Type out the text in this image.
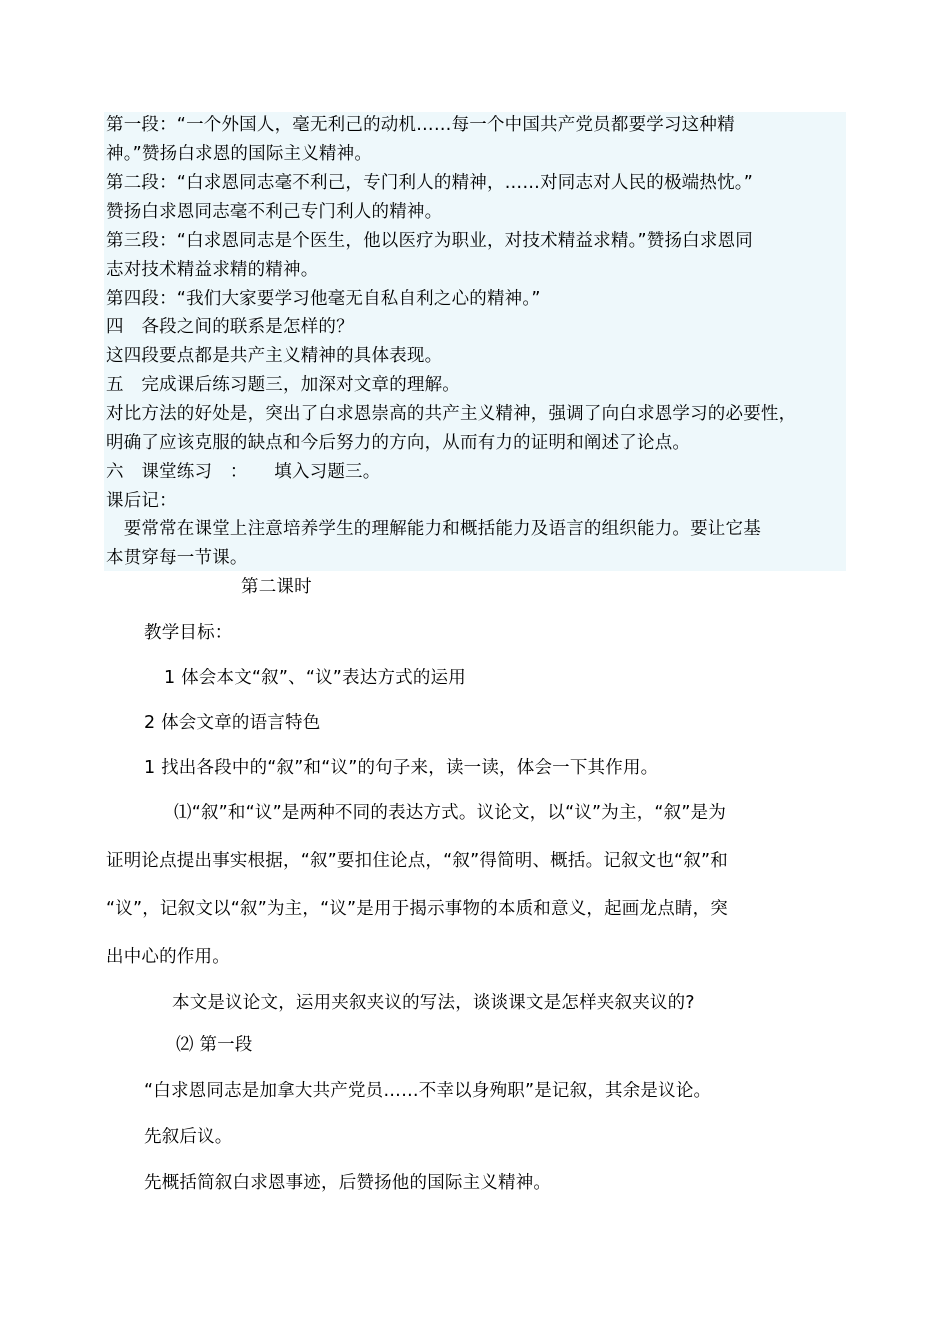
第一段：“一个外国人，毫无利己的动机……每一个中国共产党员都要学习这种精

神。”赞扬白求恩的国际主义精神。

第二段：“白求恩同志毫不利己，专门利人的精神，……对同志对人民的极端热忱。”

赞扬白求恩同志毫不利己专门利人的精神。

第三段：“白求恩同志是个医生，他以医疗为职业，对技术精益求精。”赞扬白求恩同

志对技术精益求精的精神。

第四段：“我们大家要学习他毫无自私自利之心的精神。”

四　各段之间的联系是怎样的？

这四段要点都是共产主义精神的具体表现。

五　完成课后练习题三，加深对文章的理解。

对比方法的好处是，突出了白求恩崇高的共产主义精神，强调了向白求恩学习的必要性，

明确了应该克服的缺点和今后努力的方向，从而有力的证明和阐述了论点。

六　课堂练习　：　　填入习题三。

课后记：

　要常常在课堂上注意培养学生的理解能力和概括能力及语言的组织能力。要让它基

本贯穿每一节课。

第二课时

教学目标：

1 体会本文“叙”、“议”表达方式的运用

2 体会文章的语言特色

1 找出各段中的“叙”和“议”的句子来，读一读，体会一下其作用。

⑴“叙”和“议”是两种不同的表达方式。议论文，以“议”为主，“叙”是为

证明论点提出事实根据，“叙”要扣住论点，“叙”得简明、概括。记叙文也“叙”和

“议”，记叙文以“叙”为主，“议”是用于揭示事物的本质和意义，起画龙点睛，突

出中心的作用。

本文是议论文，运用夹叙夹议的写法，谈谈课文是怎样夹叙夹议的?

⑵ 第一段

“白求恩同志是加拿大共产党员……不幸以身殉职”是记叙，其余是议论。

先叙后议。

先概括简叙白求恩事迹，后赞扬他的国际主义精神。
